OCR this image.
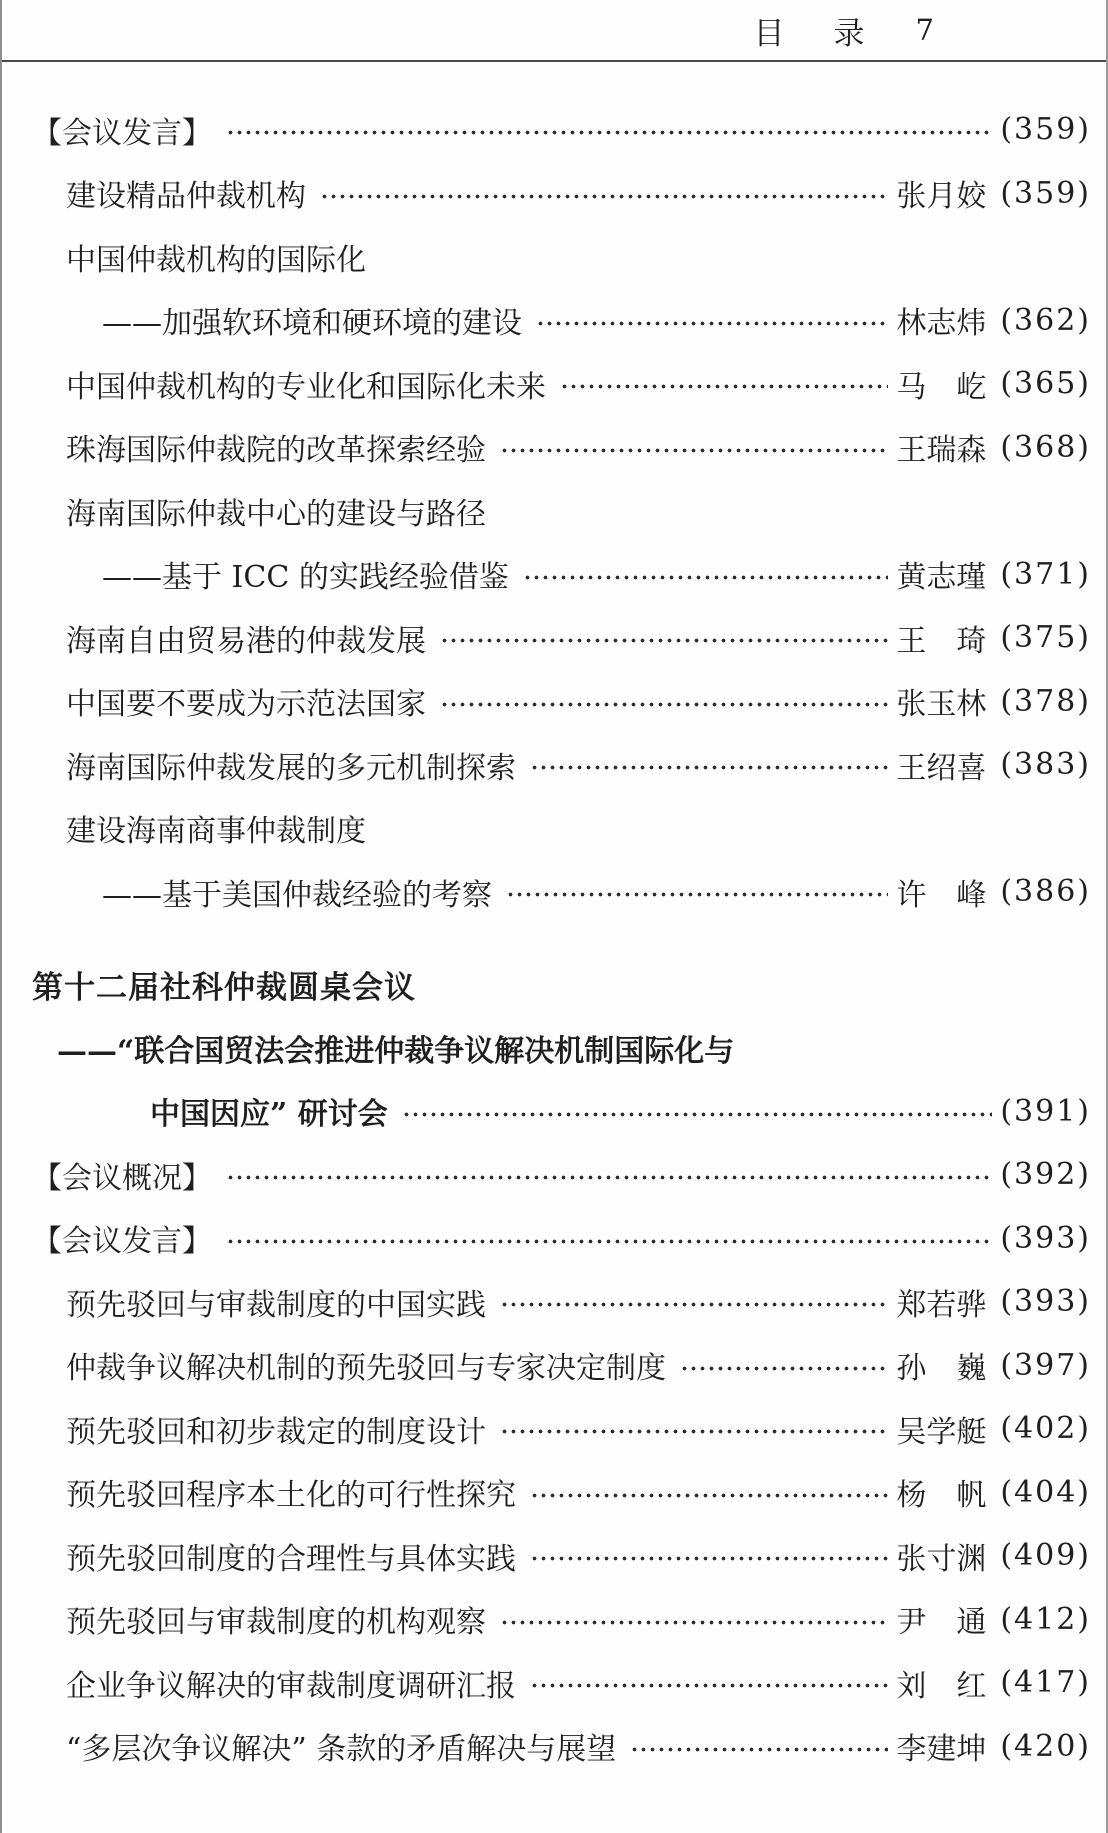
目　录 7
【会议发言】	(359)
建设精品仲裁机构	张月姣 (359)
中国仲裁机构的国际化
——加强软环境和硬环境的建设	林志炜 (362)
中国仲裁机构的专业化和国际化未来	马　屹 (365)
珠海国际仲裁院的改革探索经验	王瑞森 (368)
海南国际仲裁中心的建设与路径
——基于 ICC 的实践经验借鉴	黄志瑾 (371)
海南自由贸易港的仲裁发展	王　琦 (375)
中国要不要成为示范法国家	张玉林 (378)
海南国际仲裁发展的多元机制探索	王绍喜 (383)
建设海南商事仲裁制度
——基于美国仲裁经验的考察	许　峰 (386)
第十二届社科仲裁圆桌会议
——“联合国贸法会推进仲裁争议解决机制国际化与
中国因应” 研讨会	(391)
【会议概况】	(392)
【会议发言】	(393)
预先驳回与审裁制度的中国实践	郑若骅 (393)
仲裁争议解决机制的预先驳回与专家决定制度	孙　巍 (397)
预先驳回和初步裁定的制度设计	吴学艇 (402)
预先驳回程序本土化的可行性探究	杨　帆 (404)
预先驳回制度的合理性与具体实践	张寸渊 (409)
预先驳回与审裁制度的机构观察	尹　通 (412)
企业争议解决的审裁制度调研汇报	刘　红 (417)
“多层次争议解决” 条款的矛盾解决与展望	李建坤 (420)
